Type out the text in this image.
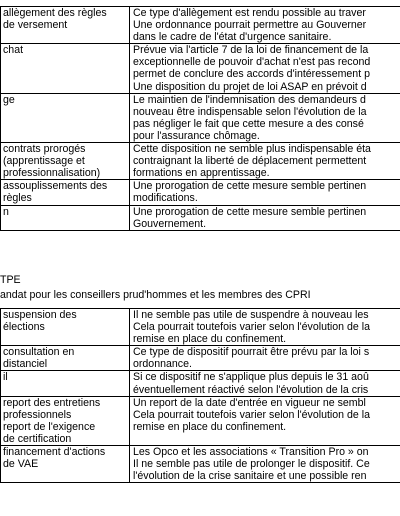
allègement des règles
de versement	Ce type d'allègement est rendu possible au traver
Une ordonnance pourrait permettre au Gouverner
dans le cadre de l'état d'urgence sanitaire.

chat	Prévue via l'article 7 de la loi de financement de la
exceptionnelle de pouvoir d'achat n'est pas recond
permet de conclure des accords d'intéressement p
Une disposition du projet de loi ASAP en prévoit d

ge	Le maintien de l'indemnisation des demandeurs d
nouveau être indispensable selon l'évolution de la
pas négliger le fait que cette mesure a des consé
pour l'assurance chômage.

contrats prorogés
(apprentissage et
professionnalisation)	Cette disposition ne semble plus indispensable éta
contraignant la liberté de déplacement permettent
formations en apprentissage.

assouplissements des
règles	Une prorogation de cette mesure semble pertinen
modifications.

n	Une prorogation de cette mesure semble pertinen
Gouvernement.
TPE
andat pour les conseillers prud'hommes et les membres des CPRI
suspension des
élections	Il ne semble pas utile de suspendre à nouveau les
Cela pourrait toutefois varier selon l'évolution de la
remise en place du confinement.

consultation en
distanciel	Ce type de dispositif pourrait être prévu par la loi s
ordonnance.

il	Si ce dispositif ne s'applique plus depuis le 31 aoû
éventuellement réactivé selon l'évolution de la cris

report des entretiens
professionnels
report de l'exigence
de certification	Un report de la date d'entrée en vigueur ne sembl
Cela pourrait toutefois varier selon l'évolution de la
remise en place du confinement.

financement d'actions
de VAE	Les Opco et les associations « Transition Pro » on
Il ne semble pas utile de prolonger le dispositif. Ce
l'évolution de la crise sanitaire et une possible ren
